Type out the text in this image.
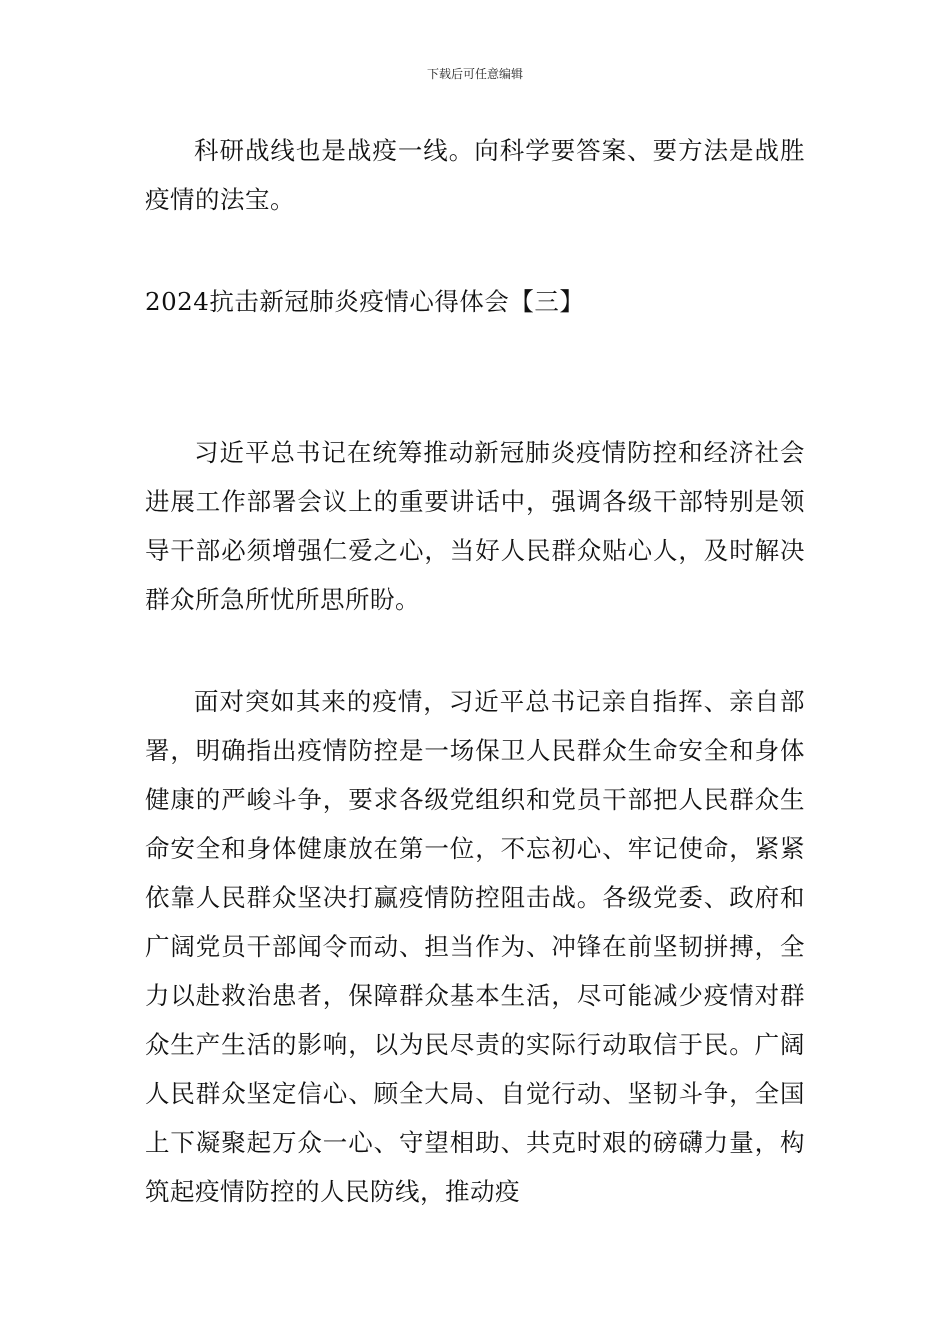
下载后可任意编辑

科研战线也是战疫一线。向科学要答案、要方法是战胜疫情的法宝。

2024抗击新冠肺炎疫情心得体会【三】

习近平总书记在统筹推动新冠肺炎疫情防控和经济社会进展工作部署会议上的重要讲话中，强调各级干部特别是领导干部必须增强仁爱之心，当好人民群众贴心人，及时解决群众所急所忧所思所盼。

面对突如其来的疫情，习近平总书记亲自指挥、亲自部署，明确指出疫情防控是一场保卫人民群众生命安全和身体健康的严峻斗争，要求各级党组织和党员干部把人民群众生命安全和身体健康放在第一位，不忘初心、牢记使命，紧紧依靠人民群众坚决打赢疫情防控阻击战。各级党委、政府和广阔党员干部闻令而动、担当作为、冲锋在前坚韧拼搏，全力以赴救治患者，保障群众基本生活，尽可能减少疫情对群众生产生活的影响，以为民尽责的实际行动取信于民。广阔人民群众坚定信心、顾全大局、自觉行动、坚韧斗争，全国上下凝聚起万众一心、守望相助、共克时艰的磅礴力量，构筑起疫情防控的人民防线，推动疫
